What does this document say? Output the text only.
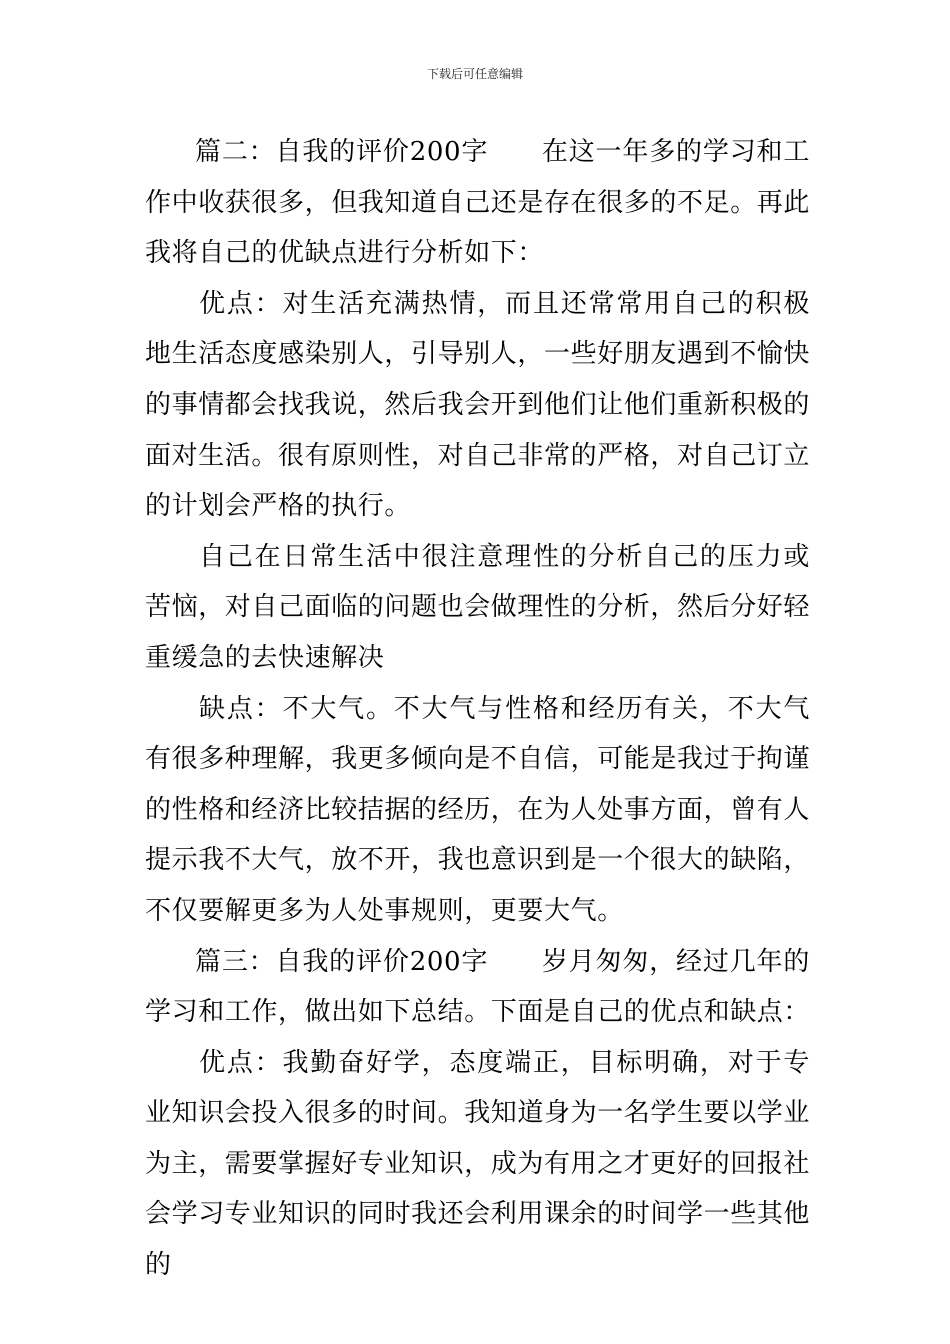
下载后可任意编辑

篇二：自我的评价200字　　在这一年多的学习和工作中收获很多，但我知道自己还是存在很多的不足。再此我将自己的优缺点进行分析如下：

优点：对生活充满热情，而且还常常用自己的积极地生活态度感染别人，引导别人，一些好朋友遇到不愉快的事情都会找我说，然后我会开到他们让他们重新积极的面对生活。很有原则性，对自己非常的严格，对自己订立的计划会严格的执行。

自己在日常生活中很注意理性的分析自己的压力或苦恼，对自己面临的问题也会做理性的分析，然后分好轻重缓急的去快速解决

缺点：不大气。不大气与性格和经历有关，不大气有很多种理解，我更多倾向是不自信，可能是我过于拘谨的性格和经济比较拮据的经历，在为人处事方面，曾有人提示我不大气，放不开，我也意识到是一个很大的缺陷，不仅要解更多为人处事规则，更要大气。

篇三：自我的评价200字　　岁月匆匆，经过几年的学习和工作，做出如下总结。下面是自己的优点和缺点：

优点：我勤奋好学，态度端正，目标明确，对于专业知识会投入很多的时间。我知道身为一名学生要以学业为主，需要掌握好专业知识，成为有用之才更好的回报社会学习专业知识的同时我还会利用课余的时间学一些其他的
